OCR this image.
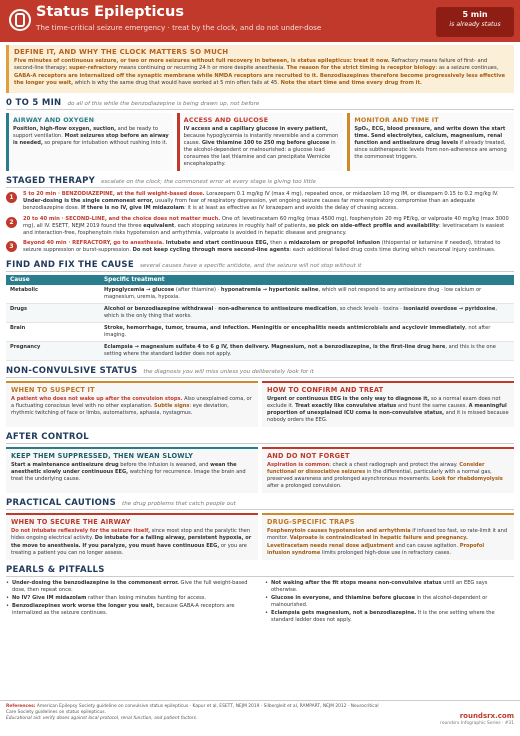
Status Epilepticus
The time-critical seizure emergency · treat by the clock, and do not under-dose
5 min
is already status
DEFINE IT, AND WHY THE CLOCK MATTERS SO MUCH

Five minutes of continuous seizure, or two or more seizures without full recovery in between, is status epilepticus: treat it now. Refractory means failure of first- and second-line therapy; super-refractory means continuing or recurring 24 h or more despite anesthesia. The reason for the strict timing is receptor biology: as a seizure continues, GABA-A receptors are internalized off the synaptic membrane while NMDA receptors are recruited to it. Benzodiazepines therefore become progressively less effective the longer you wait, which is why the same drug that would have worked at 5 min often fails at 45. Note the start time and time every drug from it.

0 TO 5 MIN do all of this while the benzodiazepine is being drawn up, not before
AIRWAY AND OXYGEN

Position, high-flow oxygen, suction, and be ready to support ventilation. Most seizures stop before an airway is needed, so prepare for intubation without rushing into it.

ACCESS AND GLUCOSE

IV access and a capillary glucose in every patient, because hypoglycemia is instantly reversible and a common cause. Give thiamine 100 to 250 mg before glucose in the alcohol-dependent or malnourished: a glucose load consumes the last thiamine and can precipitate Wernicke encephalopathy.

MONITOR AND TIME IT

SpO₂, ECG, blood pressure, and write down the start time. Send electrolytes, calcium, magnesium, renal function and antiseizure drug levels if already treated, since subtherapeutic levels from non-adherence are among the commonest triggers.

STAGED THERAPY escalate on the clock; the commonest error at every stage is giving too little
1	5 to 20 min · BENZODIAZEPINE, at the full weight-based dose. Lorazepam 0.1 mg/kg IV (max 4 mg), repeated once, or midazolam 10 mg IM, or diazepam 0.15 to 0.2 mg/kg IV. Under-dosing is the single commonest error, usually from fear of respiratory depression, yet ongoing seizure causes far more respiratory compromise than an adequate benzodiazepine dose. If there is no IV, give IM midazolam: it is at least as effective as IV lorazepam and avoids the delay of chasing access.

2	20 to 40 min · SECOND-LINE, and the choice does not matter much. One of: levetiracetam 60 mg/kg (max 4500 mg), fosphenytoin 20 mg PE/kg, or valproate 40 mg/kg (max 3000 mg), all IV. ESETT, NEJM 2019 found the three equivalent, each stopping seizures in roughly half of patients, so pick on side-effect profile and availability: levetiracetam is easiest and interaction-free, fosphenytoin risks hypotension and arrhythmia, valproate is avoided in hepatic disease and pregnancy.

3	Beyond 40 min · REFRACTORY, go to anesthesia. Intubate and start continuous EEG, then a midazolam or propofol infusion (thiopental or ketamine if needed), titrated to seizure suppression or burst-suppression. Do not keep cycling through more second-line agents: each additional failed drug costs time during which neuronal injury continues.

FIND AND FIX THE CAUSE several causes have a specific antidote, and the seizure will not stop without it
Cause	Specific treatment
Metabolic	Hypoglycemia → glucose (after thiamine) · hyponatremia → hypertonic saline, which will not respond to any antiseizure drug · low calcium or magnesium, uremia, hypoxia.
Drugs	Alcohol or benzodiazepine withdrawal · non-adherence to antiseizure medication, so check levels · toxins · isoniazid overdose → pyridoxine, which is the only thing that works.
Brain	Stroke, hemorrhage, tumor, trauma, and infection. Meningitis or encephalitis needs antimicrobials and acyclovir immediately, not after imaging.
Pregnancy	Eclampsia → magnesium sulfate 4 to 6 g IV, then delivery. Magnesium, not a benzodiazepine, is the first-line drug here, and this is the one setting where the standard ladder does not apply.
NON-CONVULSIVE STATUS the diagnosis you will miss unless you deliberately look for it
WHEN TO SUSPECT IT

A patient who does not wake up after the convulsion stops. Also unexplained coma, or a fluctuating conscious level with no other explanation. Subtle signs: eye deviation, rhythmic twitching of face or limbs, automatisms, aphasia, nystagmus.

HOW TO CONFIRM AND TREAT

Urgent or continuous EEG is the only way to diagnose it, so a normal exam does not exclude it. Treat exactly like convulsive status and hunt the same causes. A meaningful proportion of unexplained ICU coma is non-convulsive status, and it is missed because nobody orders the EEG.

AFTER CONTROL
KEEP THEM SUPPRESSED, THEN WEAN SLOWLY

Start a maintenance antiseizure drug before the infusion is weaned, and wean the anesthetic slowly under continuous EEG, watching for recurrence. Image the brain and treat the underlying cause.

AND DO NOT FORGET

Aspiration is common: check a chest radiograph and protect the airway. Consider functional or dissociative seizures in the differential, particularly with a normal gas, preserved awareness and prolonged asynchronous movements. Look for rhabdomyolysis after a prolonged convulsion.

PRACTICAL CAUTIONS the drug problems that catch people out
WHEN TO SECURE THE AIRWAY

Do not intubate reflexively for the seizure itself, since most stop and the paralytic then hides ongoing electrical activity. Do intubate for a failing airway, persistent hypoxia, or the move to anesthesia. If you paralyze, you must have continuous EEG, or you are treating a patient you can no longer assess.

DRUG-SPECIFIC TRAPS

Fosphenytoin causes hypotension and arrhythmia if infused too fast, so rate-limit it and monitor. Valproate is contraindicated in hepatic failure and pregnancy. Levetiracetam needs renal dose adjustment and can cause agitation. Propofol infusion syndrome limits prolonged high-dose use in refractory cases.

PEARLS & PITFALLS
• Under-dosing the benzodiazepine is the commonest error. Give the full weight-based dose, then repeat once.
• No IV? Give IM midazolam rather than losing minutes hunting for access.
• Benzodiazepines work worse the longer you wait, because GABA-A receptors are internalized as the seizure continues.
• Not waking after the fit stops means non-convulsive status until an EEG says otherwise.
• Glucose in everyone, and thiamine before glucose in the alcohol-dependent or malnourished.
• Eclampsia gets magnesium, not a benzodiazepine. It is the one setting where the standard ladder does not apply.
References: American Epilepsy Society guideline on convulsive status epilepticus · Kapur et al, ESETT, NEJM 2019 · Silbergleit et al, RAMPART, NEJM 2012 · Neurocritical
Care Society guidelines on status epilepticus.
Educational aid: verify doses against local protocol, renal function, and patient factors.	roundsrx.com
roundsrx Infographic Series · #31
